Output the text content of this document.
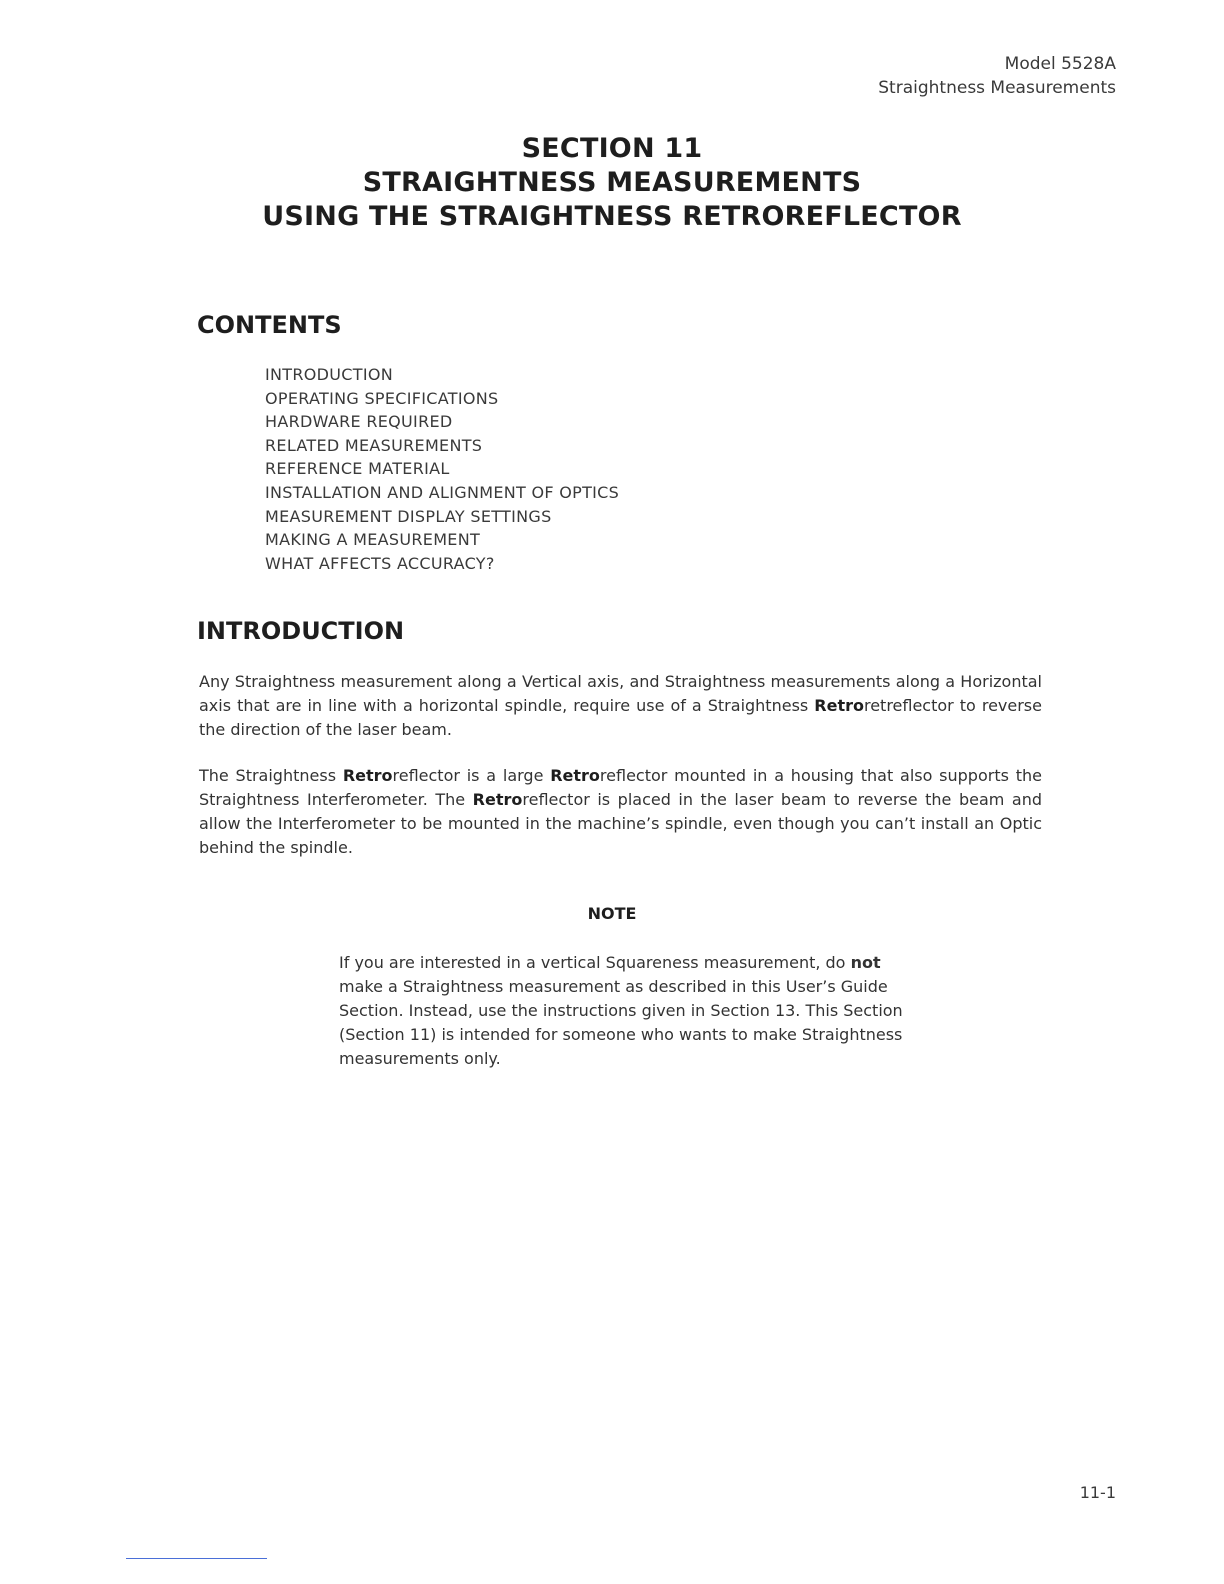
Model 5528A
Straightness Measurements
SECTION 11
STRAIGHTNESS MEASUREMENTS
USING THE STRAIGHTNESS RETROREFLECTOR
CONTENTS
INTRODUCTION
OPERATING SPECIFICATIONS
HARDWARE REQUIRED
RELATED MEASUREMENTS
REFERENCE MATERIAL
INSTALLATION AND ALIGNMENT OF OPTICS
MEASUREMENT DISPLAY SETTINGS
MAKING A MEASUREMENT
WHAT AFFECTS ACCURACY?
INTRODUCTION

Any Straightness measurement along a Vertical axis, and Straightness measurements along a Horizontal axis that are in line with a horizontal spindle, require use of a Straightness Retroretreflector to reverse the direction of the laser beam.

The Straightness Retroreflector is a large Retroreflector mounted in a housing that also supports the Straightness Interferometer. The Retroreflector is placed in the laser beam to reverse the beam and allow the Interferometer to be mounted in the machine’s spindle, even though you can’t install an Optic behind the spindle.

NOTE

If you are interested in a vertical Squareness measurement, do not make a Straightness measurement as described in this User’s Guide Section. Instead, use the instructions given in Section 13. This Section (Section 11) is intended for someone who wants to make Straightness measurements only.

11-1
